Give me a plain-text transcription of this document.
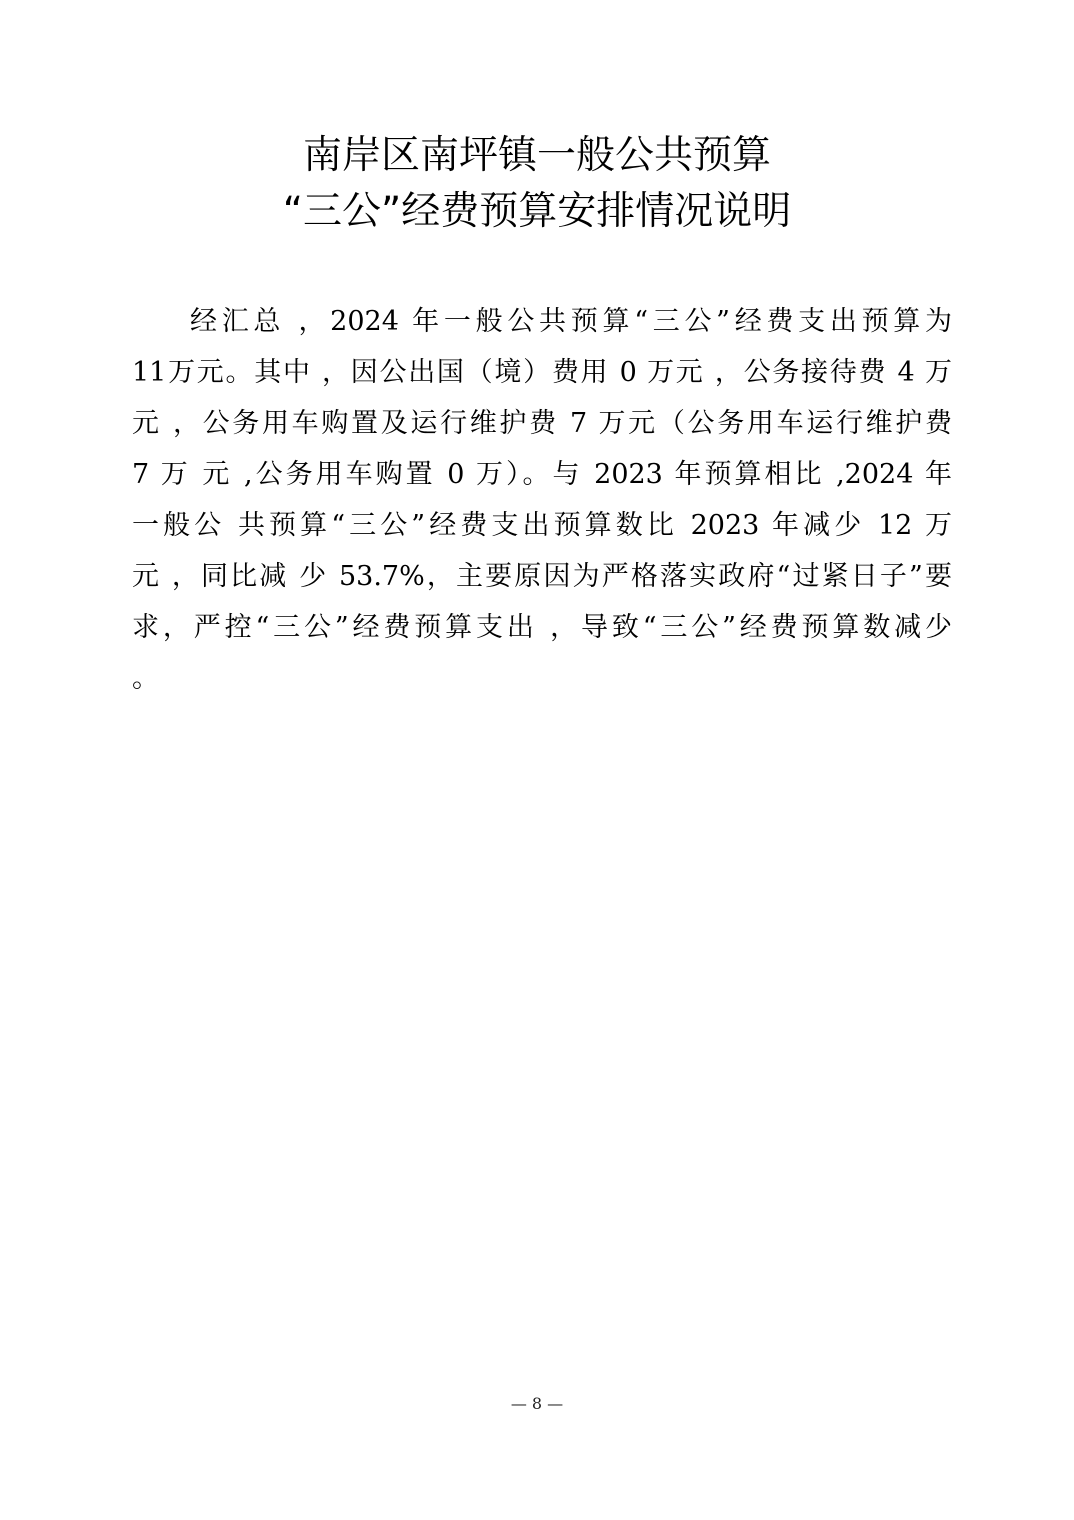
南岸区南坪镇一般公共预算
“三公”经费预算安排情况说明
经汇总 ，2024 年一般公共预算“三公”经费支出预算为
11万元。其中 ，因公出国（境）费用 0 万元 ，公务接待费 4 万
元 ，公务用车购置及运行维护费 7 万元（公务用车运行维护费
7 万 元 ,公务用车购置 0 万）。与 2023 年预算相比 ,2024 年
一般公 共预算“三公”经费支出预算数比 2023 年减少 12 万
元 ，同比减 少 53.7%，主要原因为严格落实政府“过紧日子”要
求，严控“三公”经费预算支出 ，导致“三公”经费预算数减少
。
— 8 —
